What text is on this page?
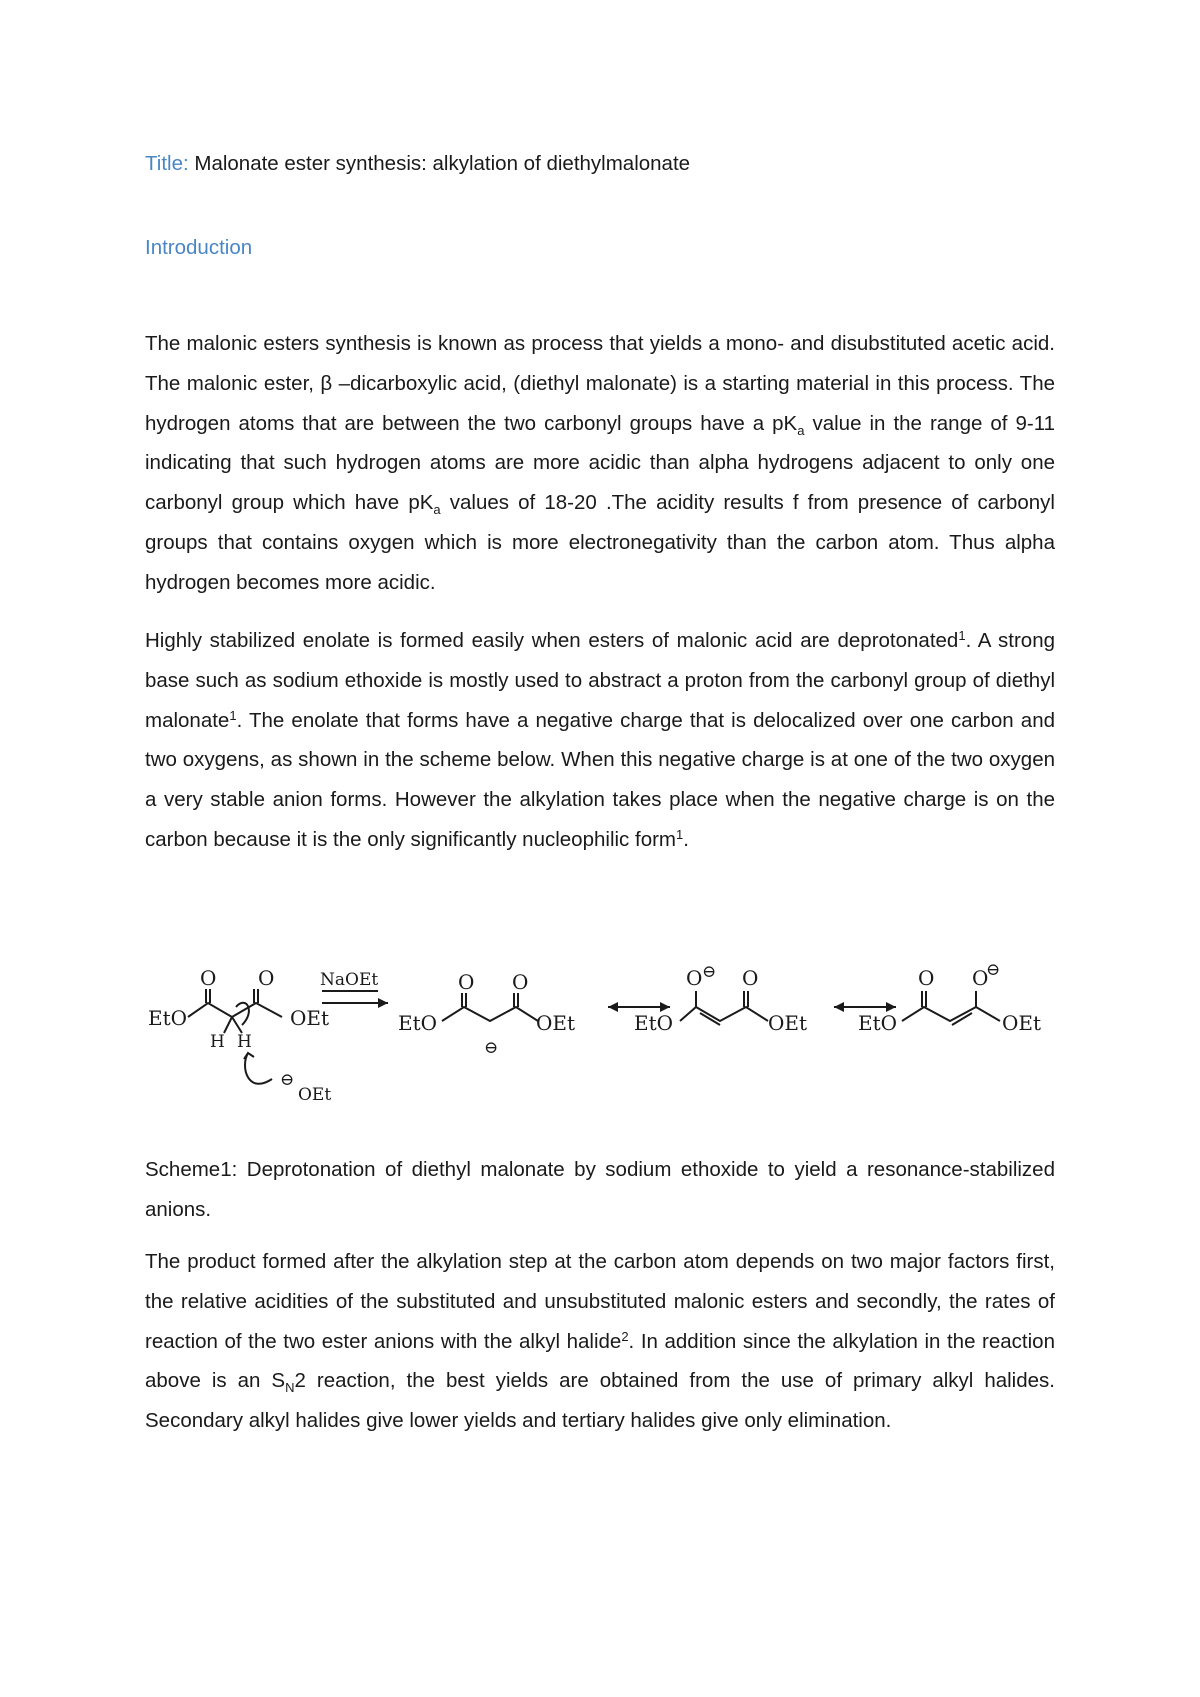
Title: Malonate ester synthesis: alkylation of diethylmalonate
Introduction

The malonic esters synthesis is known as process that yields a mono- and disubstituted acetic acid. The malonic ester, β –dicarboxylic acid, (diethyl malonate) is a starting material in this process. The hydrogen atoms that are between the two carbonyl groups have a $pK_a$ value in the range of 9-11 indicating that such hydrogen atoms are more acidic than alpha hydrogens adjacent to only one carbonyl group which have $pK_a$ values of 18-20 .The acidity results f from presence of carbonyl groups that contains oxygen which is more electronegativity than the carbon atom. Thus alpha hydrogen becomes more acidic.

Highly stabilized enolate is formed easily when esters of malonic acid are deprotonated$^1$. A strong base such as sodium ethoxide is mostly used to abstract a proton from the carbonyl group of diethyl malonate$^1$. The enolate that forms have a negative charge that is delocalized over one carbon and two oxygens, as shown in the scheme below. When this negative charge is at one of the two oxygen a very stable anion forms. However the alkylation takes place when the negative charge is on the carbon because it is the only significantly nucleophilic form$^1$.

EtO
O O
OEt
H H
⊖
OEt
NaOEt
EtO
O O
OEt
⊖
EtO
O ⊖ O
OEt	EtO
O O
⊖
OEt

Scheme1: Deprotonation of diethyl malonate by sodium ethoxide to yield a resonance-stabilized anions.

The product formed after the alkylation step at the carbon atom depends on two major factors first, the relative acidities of the substituted and unsubstituted malonic esters and secondly, the rates of reaction of the two ester anions with the alkyl halide$^2$. In addition since the alkylation in the reaction above is an $S_N2$ reaction, the best yields are obtained from the use of primary alkyl halides. Secondary alkyl halides give lower yields and tertiary halides give only elimination.
